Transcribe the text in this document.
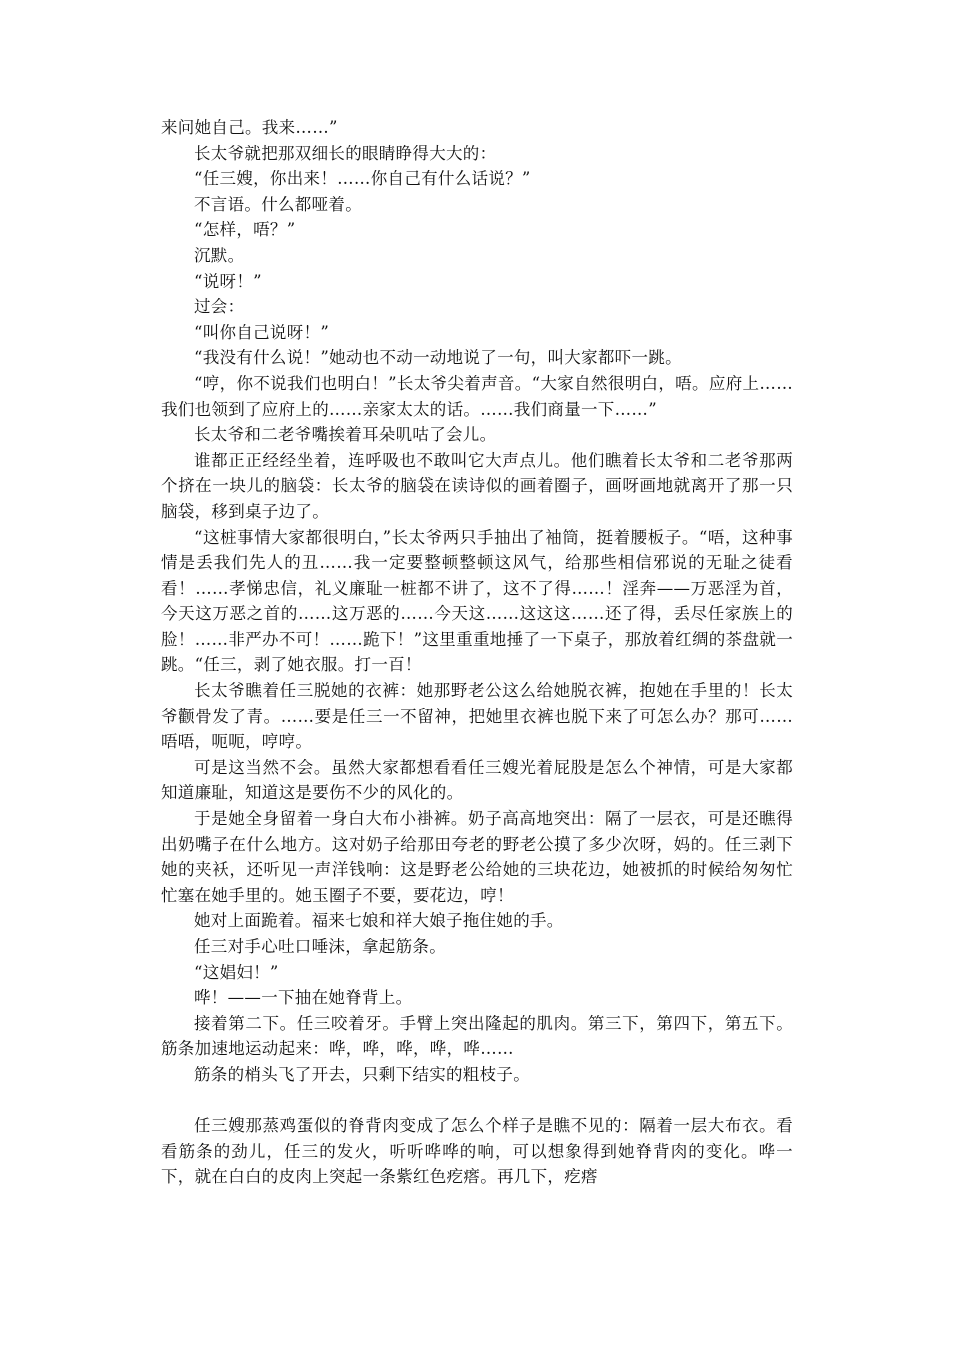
来问她自己。我来……”

长太爷就把那双细长的眼睛睁得大大的：

“任三嫂，你出来！……你自己有什么话说？”

不言语。什么都哑着。

“怎样，唔？”

沉默。

“说呀！”

过会：

“叫你自己说呀！”

“我没有什么说！”她动也不动一动地说了一句，叫大家都吓一跳。

“哼，你不说我们也明白！”长太爷尖着声音。“大家自然很明白，唔。应府上……我们也领到了应府上的……亲家太太的话。……我们商量一下……”

长太爷和二老爷嘴挨着耳朵叽咕了会儿。

谁都正正经经坐着，连呼吸也不敢叫它大声点儿。他们瞧着长太爷和二老爷那两个挤在一块儿的脑袋：长太爷的脑袋在读诗似的画着圈子，画呀画地就离开了那一只脑袋，移到桌子边了。

“这桩事情大家都很明白，”长太爷两只手抽出了袖筒，挺着腰板子。“唔，这种事情是丢我们先人的丑……我一定要整顿整顿这风气，给那些相信邪说的无耻之徒看看！……孝悌忠信，礼义廉耻一桩都不讲了，这不了得……！淫奔——万恶淫为首，今天这万恶之首的……这万恶的……今天这……这这这……还了得，丢尽任家族上的脸！……非严办不可！……跪下！”这里重重地捶了一下桌子，那放着红绸的茶盘就一跳。“任三，剥了她衣服。打一百！

长太爷瞧着任三脱她的衣裤：她那野老公这么给她脱衣裤，抱她在手里的！长太爷颧骨发了青。……要是任三一不留神，把她里衣裤也脱下来了可怎么办？那可……唔唔，呃呃，哼哼。

可是这当然不会。虽然大家都想看看任三嫂光着屁股是怎么个神情，可是大家都知道廉耻，知道这是要伤不少的风化的。

于是她全身留着一身白大布小褂裤。奶子高高地突出：隔了一层衣，可是还瞧得出奶嘴子在什么地方。这对奶子给那田夸老的野老公摸了多少次呀，妈的。任三剥下她的夹袄，还听见一声洋钱响：这是野老公给她的三块花边，她被抓的时候给匆匆忙忙塞在她手里的。她玉圈子不要，要花边，哼！

她对上面跪着。福来七娘和祥大娘子拖住她的手。

任三对手心吐口唾沫，拿起筋条。

“这娼妇！”

哗！——一下抽在她脊背上。

接着第二下。任三咬着牙。手臂上突出隆起的肌肉。第三下，第四下，第五下。筋条加速地运动起来：哗，哗，哗，哗，哗……

筋条的梢头飞了开去，只剩下结实的粗枝子。

任三嫂那蒸鸡蛋似的脊背肉变成了怎么个样子是瞧不见的：隔着一层大布衣。看看筋条的劲儿，任三的发火，听听哗哗的响，可以想象得到她脊背肉的变化。哗一下，就在白白的皮肉上突起一条紫红色疙瘩。再几下，疙瘩
